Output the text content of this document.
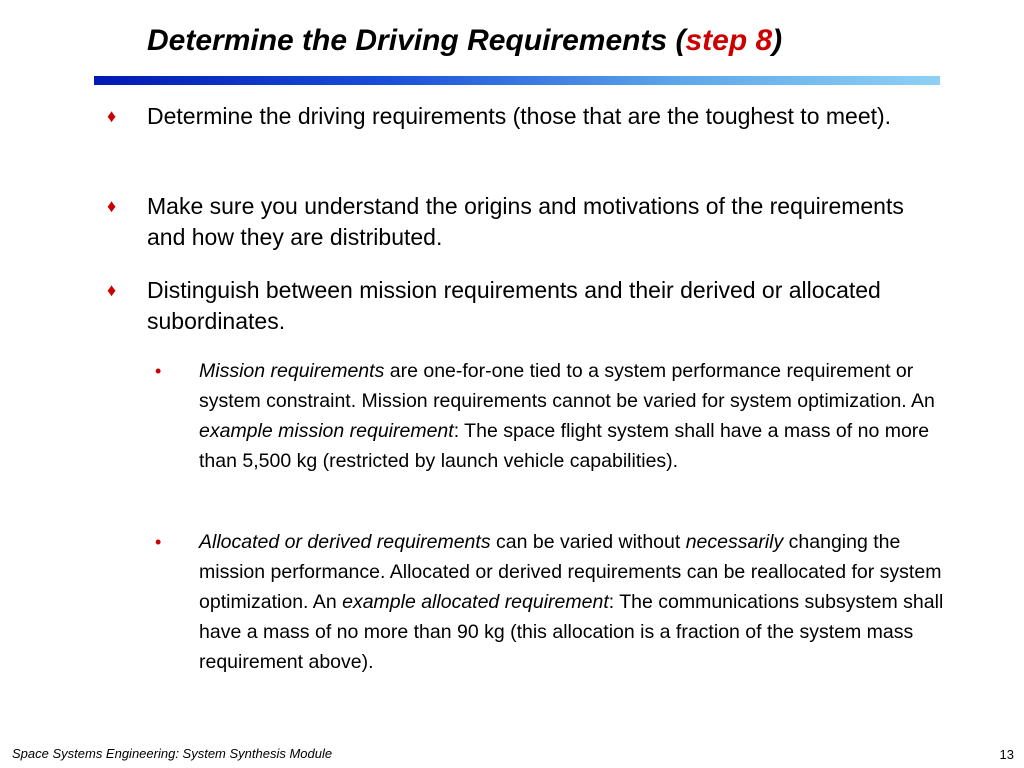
Determine the Driving Requirements (step 8)
♦ Determine the driving requirements (those that are the toughest to meet).
♦ Make sure you understand the origins and motivations of the requirements and how they are distributed.
♦ Distinguish between mission requirements and their derived or allocated subordinates.
• Mission requirements are one-for-one tied to a system performance requirement or system constraint. Mission requirements cannot be varied for system optimization. An example mission requirement: The space flight system shall have a mass of no more than 5,500 kg (restricted by launch vehicle capabilities).
• Allocated or derived requirements can be varied without necessarily changing the mission performance. Allocated or derived requirements can be reallocated for system optimization. An example allocated requirement: The communications subsystem shall have a mass of no more than 90 kg (this allocation is a fraction of the system mass requirement above).
Space Systems Engineering: System Synthesis Module	13
